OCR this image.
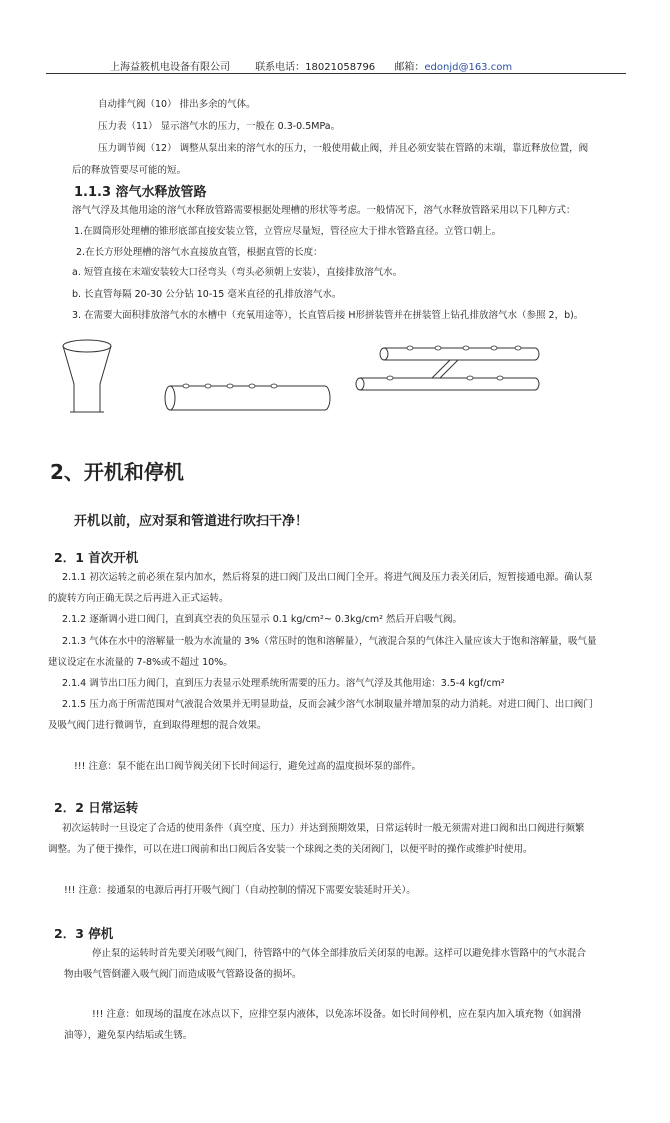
上海益筱机电设备有限公司	联系电话：18021058796 邮箱：edonjd@163.com
自动排气阀（10） 排出多余的气体。
压力表（11） 显示溶气水的压力，一般在 0.3-0.5MPa。
压力调节阀（12） 调整从泵出来的溶气水的压力，一般使用截止阀，并且必须安装在管路的末端，靠近释放位置，阀
后的释放管要尽可能的短。
1.1.3 溶气水释放管路
溶气气浮及其他用途的溶气水释放管路需要根据处理槽的形状等考虑。一般情况下，溶气水释放管路采用以下几种方式：
1.在圆筒形处理槽的锥形底部直接安装立管，立管应尽量短，管径应大于排水管路直径。立管口朝上。
2.在长方形处理槽的溶气水直接放直管，根据直管的长度：
a. 短管直接在末端安装较大口径弯头（弯头必须朝上安装），直接排放溶气水。
b. 长直管每隔 20-30 公分钻 10-15 毫米直径的孔排放溶气水。
3. 在需要大面积排放溶气水的水槽中（充氧用途等），长直管后接 H形拼装管并在拼装管上钻孔排放溶气水（参照 2，b)。
2、开机和停机
开机以前，应对泵和管道进行吹扫干净！
2．1 首次开机
2.1.1 初次运转之前必须在泵内加水，然后将泵的进口阀门及出口阀门全开。将进气阀及压力表关闭后，短暂接通电源。确认泵
的旋转方向正确无误之后再进入正式运转。
2.1.2 逐渐调小进口阀门，直到真空表的负压显示 0.1 kg/cm²~ 0.3kg/cm² 然后开启吸气阀。
2.1.3 气体在水中的溶解量一般为水流量的 3%（常压时的饱和溶解量），气液混合泵的气体注入量应该大于饱和溶解量，吸气量
建议设定在水流量的 7-8%或不超过 10%。
2.1.4 调节出口压力阀门，直到压力表显示处理系统所需要的压力。溶气气浮及其他用途：3.5-4 kgf/cm²
2.1.5 压力高于所需范围对气液混合效果并无明显助益，反而会减少溶气水制取量并增加泵的动力消耗。对进口阀门、出口阀门
及吸气阀门进行微调节，直到取得理想的混合效果。
!!! 注意：泵不能在出口阀节阀关闭下长时间运行，避免过高的温度损坏泵的部件。
2．2 日常运转
初次运转时一旦设定了合适的使用条件（真空度、压力）并达到预期效果，日常运转时一般无须需对进口阀和出口阀进行频繁
调整。为了便于操作，可以在进口阀前和出口阀后各安装一个球阀之类的关闭阀门，以便平时的操作或维护时使用。
!!! 注意：接通泵的电源后再打开吸气阀门（自动控制的情况下需要安装延时开关）。
2．3 停机
停止泵的运转时首先要关闭吸气阀门，待管路中的气体全部排放后关闭泵的电源。这样可以避免排水管路中的气水混合
物由吸气管倒灌入吸气阀门而造成吸气管路设备的损坏。
!!! 注意：如现场的温度在冰点以下，应排空泵内液体，以免冻坏设备。如长时间停机，应在泵内加入填充物（如润滑
油等），避免泵内结垢或生锈。
